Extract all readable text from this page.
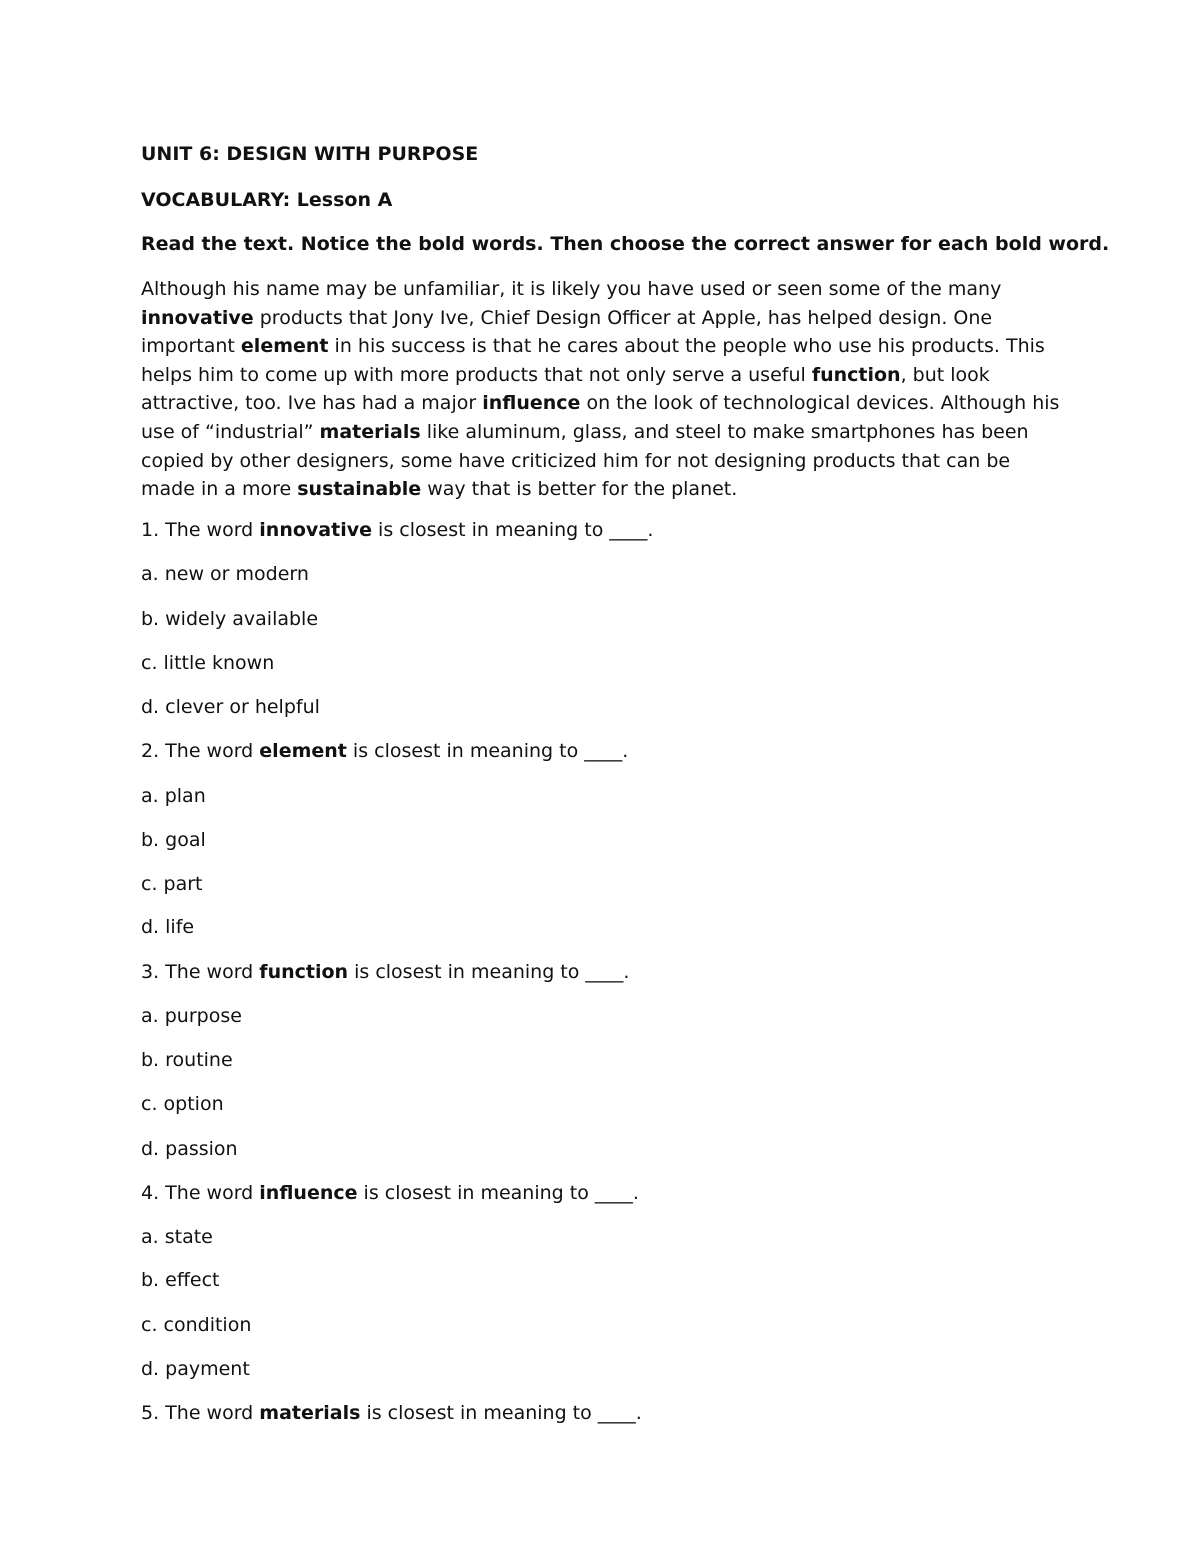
UNIT 6: DESIGN WITH PURPOSE

VOCABULARY: Lesson A

Read the text. Notice the bold words. Then choose the correct answer for each bold word.

Although his name may be unfamiliar, it is likely you have used or seen some of the many innovative products that Jony Ive, Chief Design Officer at Apple, has helped design. One important element in his success is that he cares about the people who use his products. This helps him to come up with more products that not only serve a useful function, but look attractive, too. Ive has had a major influence on the look of technological devices. Although his use of “industrial” materials like aluminum, glass, and steel to make smartphones has been copied by other designers, some have criticized him for not designing products that can be made in a more sustainable way that is better for the planet.

1. The word innovative is closest in meaning to ____.

a. new or modern

b. widely available

c. little known

d. clever or helpful

2. The word element is closest in meaning to ____.

a. plan

b. goal

c. part

d. life

3. The word function is closest in meaning to ____.

a. purpose

b. routine

c. option

d. passion

4. The word influence is closest in meaning to ____.

a. state

b. effect

c. condition

d. payment

5. The word materials is closest in meaning to ____.
